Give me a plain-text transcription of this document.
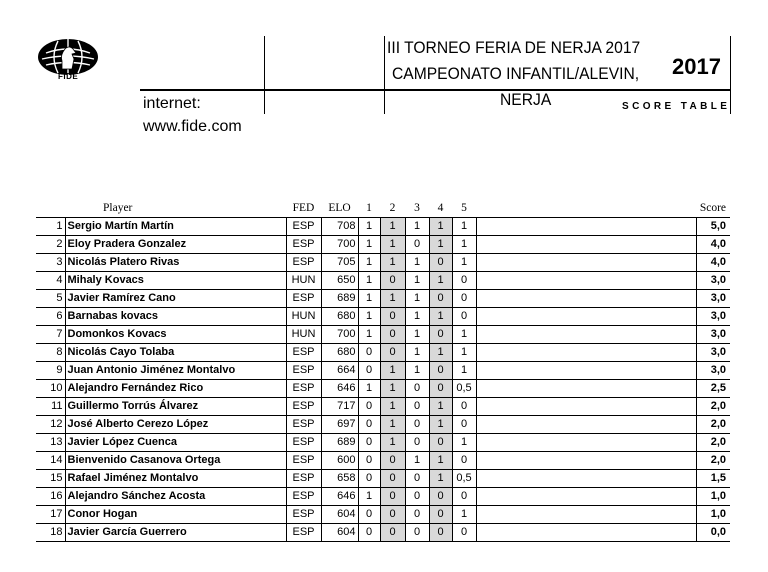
FIDE
III TORNEO FERIA DE NERJA 2017
CAMPEONATO INFANTIL/ALEVIN,
NERJA
2017
SCORE TABLE
internet:
www.fide.com
	Player	FED	ELO	1	2	3	4	5		Score
1	Sergio Martín Martín	ESP	708	1	1	1	1	1		5,0
2	Eloy Pradera Gonzalez	ESP	700	1	1	0	1	1		4,0
3	Nicolás Platero Rivas	ESP	705	1	1	1	0	1		4,0
4	Mihaly Kovacs	HUN	650	1	0	1	1	0		3,0
5	Javier Ramírez Cano	ESP	689	1	1	1	0	0		3,0
6	Barnabas kovacs	HUN	680	1	0	1	1	0		3,0
7	Domonkos Kovacs	HUN	700	1	0	1	0	1		3,0
8	Nicolás Cayo Tolaba	ESP	680	0	0	1	1	1		3,0
9	Juan Antonio Jiménez Montalvo	ESP	664	0	1	1	0	1		3,0
10	Alejandro Fernández Rico	ESP	646	1	1	0	0	0,5		2,5
11	Guillermo Torrús Álvarez	ESP	717	0	1	0	1	0		2,0
12	José Alberto Cerezo López	ESP	697	0	1	0	1	0		2,0
13	Javier López Cuenca	ESP	689	0	1	0	0	1		2,0
14	Bienvenido Casanova Ortega	ESP	600	0	0	1	1	0		2,0
15	Rafael Jiménez Montalvo	ESP	658	0	0	0	1	0,5		1,5
16	Alejandro Sánchez Acosta	ESP	646	1	0	0	0	0		1,0
17	Conor Hogan	ESP	604	0	0	0	0	1		1,0
18	Javier García Guerrero	ESP	604	0	0	0	0	0		0,0
